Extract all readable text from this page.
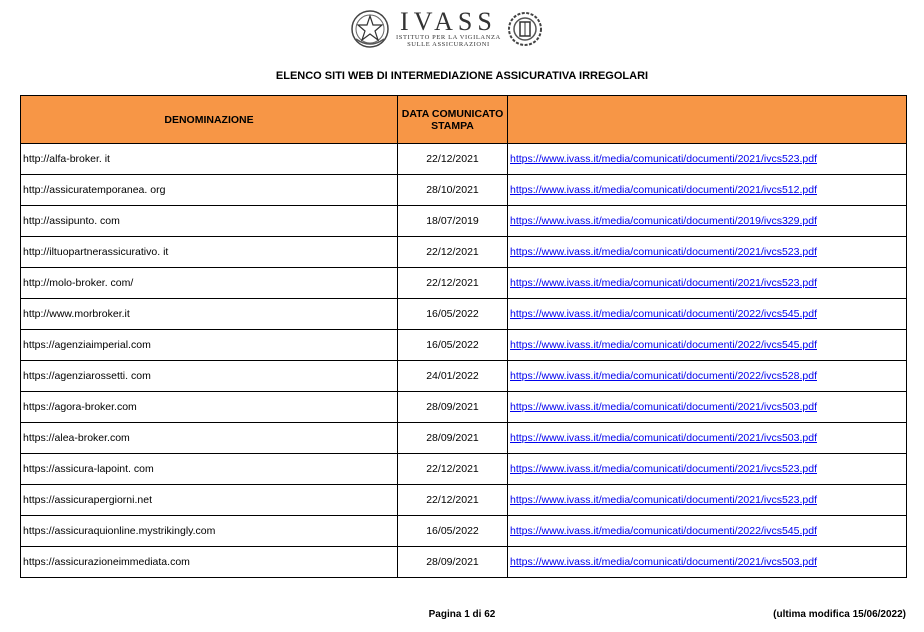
IVASS
ISTITUTO PER LA VIGILANZA
SULLE ASSICURAZIONI
ELENCO SITI WEB DI INTERMEDIAZIONE ASSICURATIVA IRREGOLARI
DENOMINAZIONE	DATA COMUNICATO STAMPA	
http://alfa-broker. it	22/12/2021	https://www.ivass.it/media/comunicati/documenti/2021/ivcs523.pdf
http://assicuratemporanea. org	28/10/2021	https://www.ivass.it/media/comunicati/documenti/2021/ivcs512.pdf
http://assipunto. com	18/07/2019	https://www.ivass.it/media/comunicati/documenti/2019/ivcs329.pdf
http://iltuopartnerassicurativo. it	22/12/2021	https://www.ivass.it/media/comunicati/documenti/2021/ivcs523.pdf
http://molo-broker. com/	22/12/2021	https://www.ivass.it/media/comunicati/documenti/2021/ivcs523.pdf
http://www.morbroker.it	16/05/2022	https://www.ivass.it/media/comunicati/documenti/2022/ivcs545.pdf
https://agenziaimperial.com	16/05/2022	https://www.ivass.it/media/comunicati/documenti/2022/ivcs545.pdf
https://agenziarossetti. com	24/01/2022	https://www.ivass.it/media/comunicati/documenti/2022/ivcs528.pdf
https://agora-broker.com	28/09/2021	https://www.ivass.it/media/comunicati/documenti/2021/ivcs503.pdf
https://alea-broker.com	28/09/2021	https://www.ivass.it/media/comunicati/documenti/2021/ivcs503.pdf
https://assicura-lapoint. com	22/12/2021	https://www.ivass.it/media/comunicati/documenti/2021/ivcs523.pdf
https://assicurapergiorni.net	22/12/2021	https://www.ivass.it/media/comunicati/documenti/2021/ivcs523.pdf
https://assicuraquionline.mystrikingly.com	16/05/2022	https://www.ivass.it/media/comunicati/documenti/2022/ivcs545.pdf
https://assicurazioneimmediata.com	28/09/2021	https://www.ivass.it/media/comunicati/documenti/2021/ivcs503.pdf
Pagina 1 di 62	(ultima modifica 15/06/2022)
